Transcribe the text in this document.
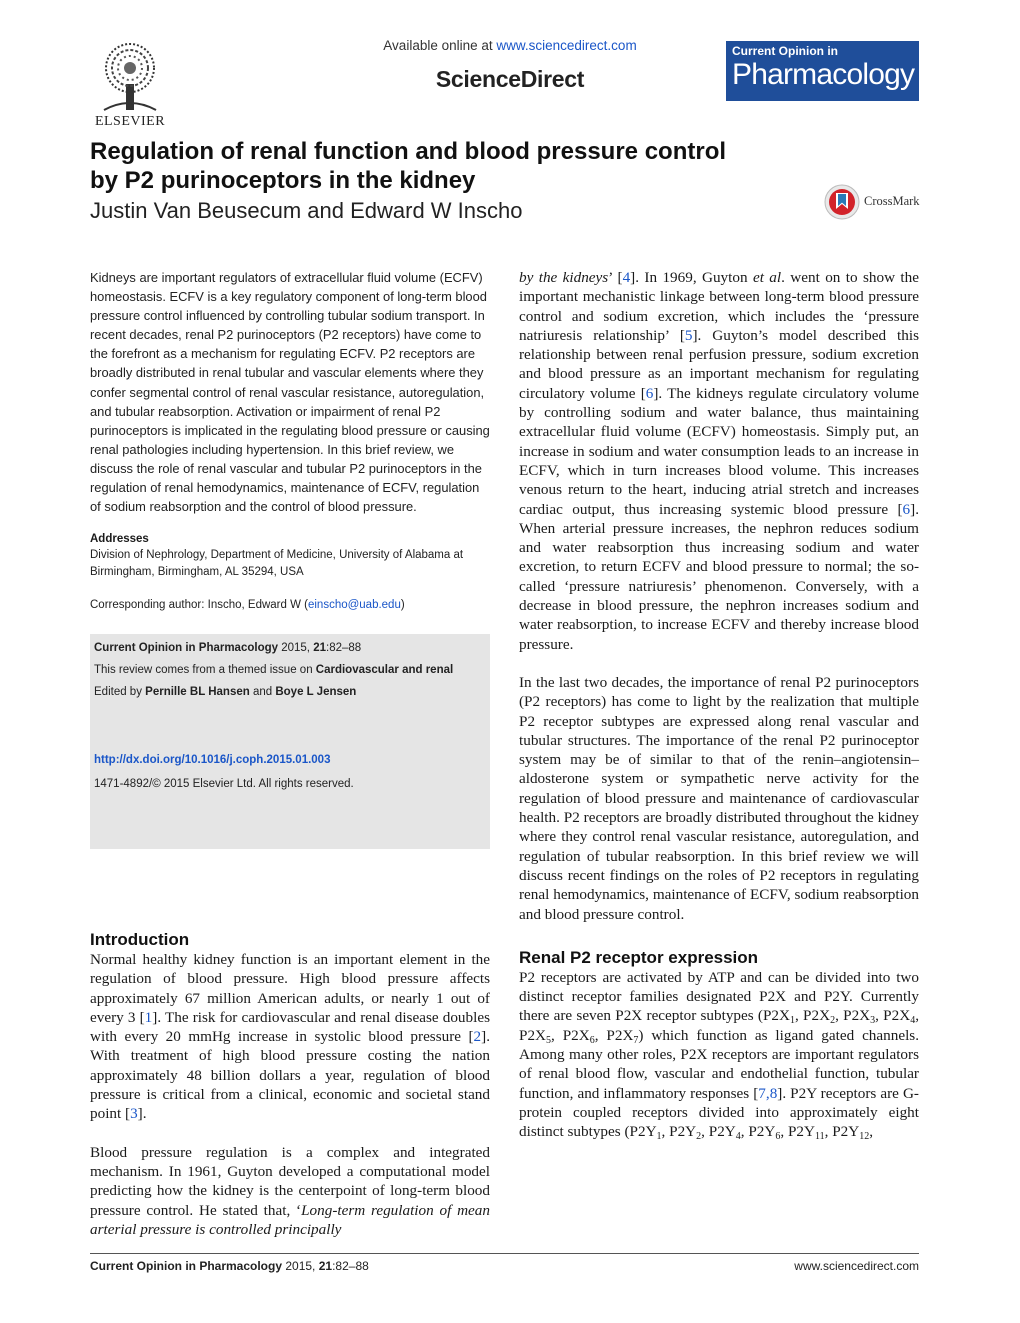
ELSEVIER
Available online at www.sciencedirect.com
ScienceDirect
Current Opinion in
Pharmacology
Regulation of renal function and blood pressure control
by P2 purinoceptors in the kidney
Justin Van Beusecum and Edward W Inscho	CrossMark
Kidneys are important regulators of extracellular fluid volume (ECFV) homeostasis. ECFV is a key regulatory component of long-term blood pressure control influenced by controlling tubular sodium transport. In recent decades, renal P2 purinoceptors (P2 receptors) have come to the forefront as a mechanism for regulating ECFV. P2 receptors are broadly distributed in renal tubular and vascular elements where they confer segmental control of renal vascular resistance, autoregulation, and tubular reabsorption. Activation or impairment of renal P2 purinoceptors is implicated in the regulating blood pressure or causing renal pathologies including hypertension. In this brief review, we discuss the role of renal vascular and tubular P2 purinoceptors in the regulation of renal hemodynamics, maintenance of ECFV, regulation of sodium reabsorption and the control of blood pressure.
Addresses
Division of Nephrology, Department of Medicine, University of Alabama at Birmingham, Birmingham, AL 35294, USA
Corresponding author: Inscho, Edward W (einscho@uab.edu)
Current Opinion in Pharmacology 2015, 21:82–88
This review comes from a themed issue on Cardiovascular and renal
Edited by Pernille BL Hansen and Boye L Jensen
http://dx.doi.org/10.1016/j.coph.2015.01.003
1471-4892/© 2015 Elsevier Ltd. All rights reserved.
Introduction

Normal healthy kidney function is an important element in the regulation of blood pressure. High blood pressure affects approximately 67 million American adults, or nearly 1 out of every 3 [1]. The risk for cardiovascular and renal disease doubles with every 20 mmHg increase in systolic blood pressure [2]. With treatment of high blood pressure costing the nation approximately 48 billion dollars a year, regulation of blood pressure is critical from a clinical, economic and societal stand point [3].

Blood pressure regulation is a complex and integrated mechanism. In 1961, Guyton developed a computational model predicting how the kidney is the centerpoint of long-term blood pressure control. He stated that, ‘Long-term regulation of mean arterial pressure is controlled principally

by the kidneys’ [4]. In 1969, Guyton et al. went on to show the important mechanistic linkage between long-term blood pressure control and sodium excretion, which includes the ‘pressure natriuresis relationship’ [5]. Guyton’s model described this relationship between renal perfusion pressure, sodium excretion and blood pressure as an important mechanism for regulating circulatory volume [6]. The kidneys regulate circulatory volume by controlling sodium and water balance, thus maintaining extracellular fluid volume (ECFV) homeostasis. Simply put, an increase in sodium and water consumption leads to an increase in ECFV, which in turn increases blood volume. This increases venous return to the heart, inducing atrial stretch and increases cardiac output, thus increasing systemic blood pressure [6]. When arterial pressure increases, the nephron reduces sodium and water reabsorption thus increasing sodium and water excretion, to return ECFV and blood pressure to normal; the so-called ‘pressure natriuresis’ phenomenon. Conversely, with a decrease in blood pressure, the nephron increases sodium and water reabsorption, to increase ECFV and thereby increase blood pressure.

In the last two decades, the importance of renal P2 purinoceptors (P2 receptors) has come to light by the realization that multiple P2 receptor subtypes are expressed along renal vascular and tubular structures. The importance of the renal P2 purinoceptor system may be of similar to that of the renin–angiotensin–aldosterone system or sympathetic nerve activity for the regulation of blood pressure and maintenance of cardiovascular health. P2 receptors are broadly distributed throughout the kidney where they control renal vascular resistance, autoregulation, and regulation of tubular reabsorption. In this brief review we will discuss recent findings on the roles of P2 receptors in regulating renal hemodynamics, maintenance of ECFV, sodium reabsorption and blood pressure control.

Renal P2 receptor expression

P2 receptors are activated by ATP and can be divided into two distinct receptor families designated P2X and P2Y. Currently there are seven P2X receptor subtypes ($P2X_1$, $P2X_2$, $P2X_3$, $P2X_4$, $P2X_5$, $P2X_6$, $P2X_7$) which function as ligand gated channels. Among many other roles, P2X receptors are important regulators of renal blood flow, vascular and endothelial function, tubular function, and inflammatory responses [7,8]. P2Y receptors are G-protein coupled receptors divided into approximately eight distinct subtypes ($P2Y_1$, $P2Y_2$, $P2Y_4$, $P2Y_6$, $P2Y_{11}$, $P2Y_{12}$,

Current Opinion in Pharmacology 2015, 21:82–88	www.sciencedirect.com
